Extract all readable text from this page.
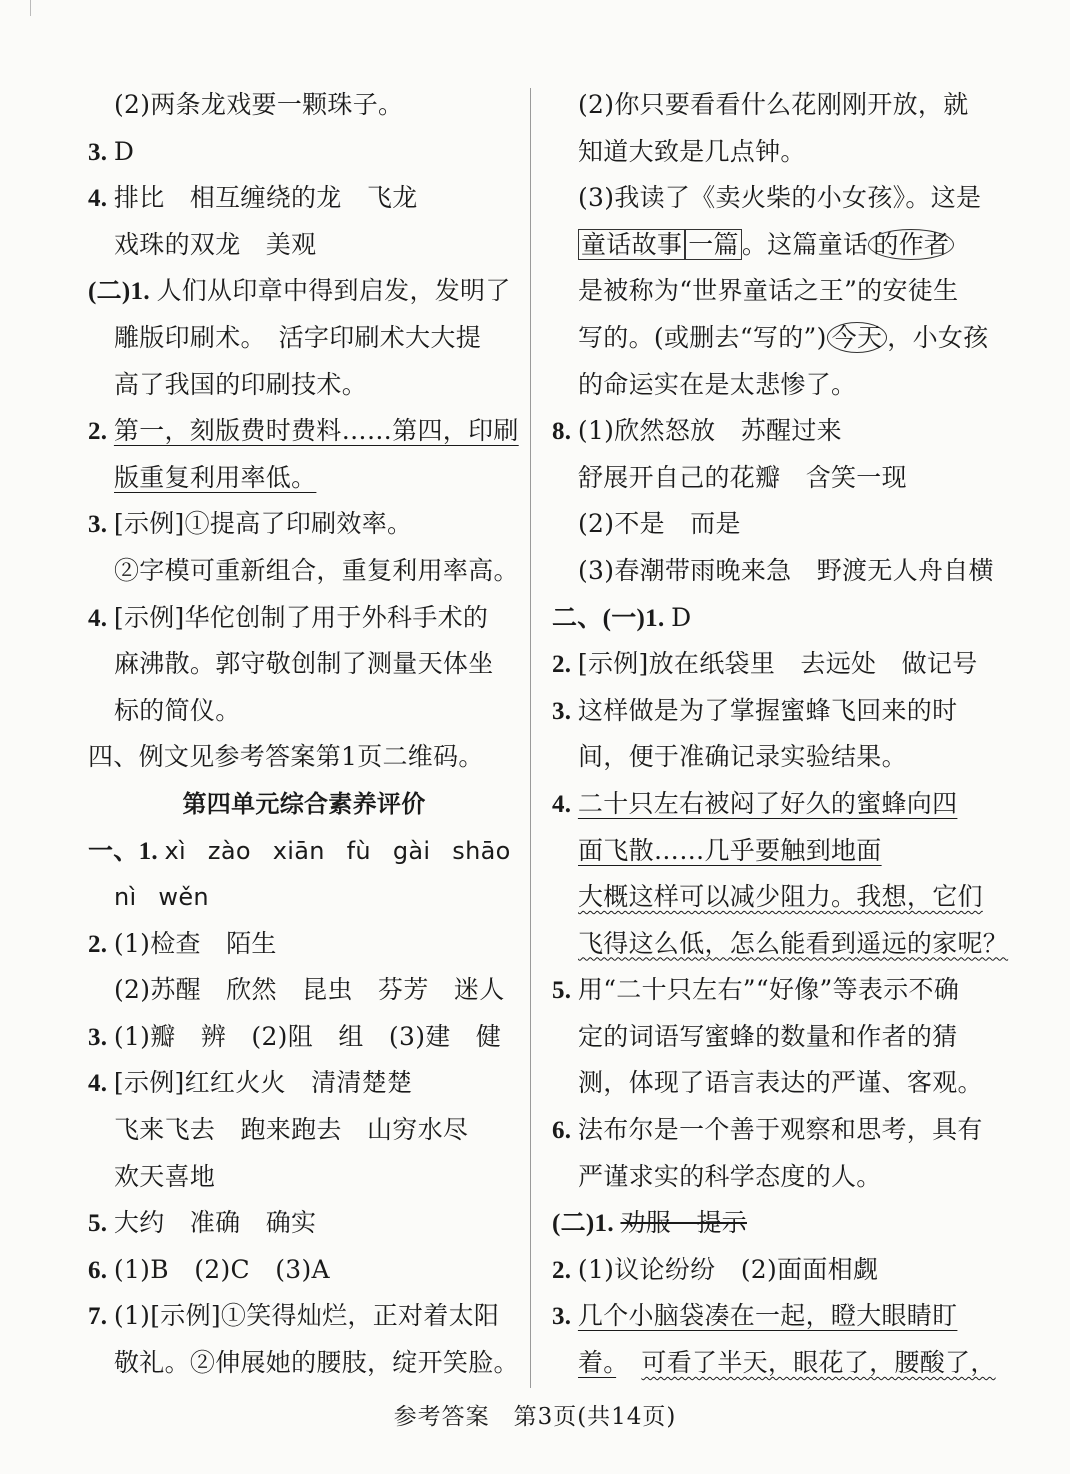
(2)两条龙戏要一颗珠子。
3. D
4. 排比　相互缠绕的龙　飞龙
戏珠的双龙　美观
(二)1. 人们从印章中得到启发，发明了
雕版印刷术。　活字印刷术大大提
高了我国的印刷技术。
2. 第一，刻版费时费料……第四，印刷
版重复利用率低。
3. [示例]①提高了印刷效率。
②字模可重新组合，重复利用率高。
4. [示例]华佗创制了用于外科手术的
麻沸散。郭守敬创制了测量天体坐
标的简仪。
四、例文见参考答案第1页二维码。
第四单元综合素养评价
一、1. xì zào xiān fù gài shāo
nì wěn
2. (1)检查　陌生
(2)苏醒　欣然　昆虫　芬芳　迷人
3. (1)瓣　辨　(2)阻　组　(3)建　健
4. [示例]红红火火　清清楚楚
飞来飞去　跑来跑去　山穷水尽
欢天喜地
5. 大约　准确　确实
6. (1)B　(2)C　(3)A
7. (1)[示例]①笑得灿烂，正对着太阳
敬礼。②伸展她的腰肢，绽开笑脸。
(2)你只要看看什么花刚刚开放，就
知道大致是几点钟。
(3)我读了《卖火柴的小女孩》。这是
童话故事 一篇 。这篇童话 的作者
是被称为“世界童话之王”的安徒生
写的。(或删去“写的”) 今天 ，小女孩
的命运实在是太悲惨了。
8. (1)欣然怒放　苏醒过来
舒展开自己的花瓣　含笑一现
(2)不是　而是
(3)春潮带雨晚来急　野渡无人舟自横
二、(一)1. D
2. [示例]放在纸袋里　去远处　做记号
3. 这样做是为了掌握蜜蜂飞回来的时
间，便于准确记录实验结果。
4. 二十只左右被闷了好久的蜜蜂向四
面飞散……几乎要触到地面
大概这样可以减少阻力。我想，它们
飞得这么低，怎么能看到遥远的家呢？
5. 用“二十只左右”“好像”等表示不确
定的词语写蜜蜂的数量和作者的猜
测，体现了语言表达的严谨、客观。
6. 法布尔是一个善于观察和思考，具有
严谨求实的科学态度的人。
(二)1. 劝服　提示
2. (1)议论纷纷　(2)面面相觑
3. 几个小脑袋凑在一起，瞪大眼睛盯
着。　 可看了半天，眼花了，腰酸了，
参考答案　第3页(共14页)
